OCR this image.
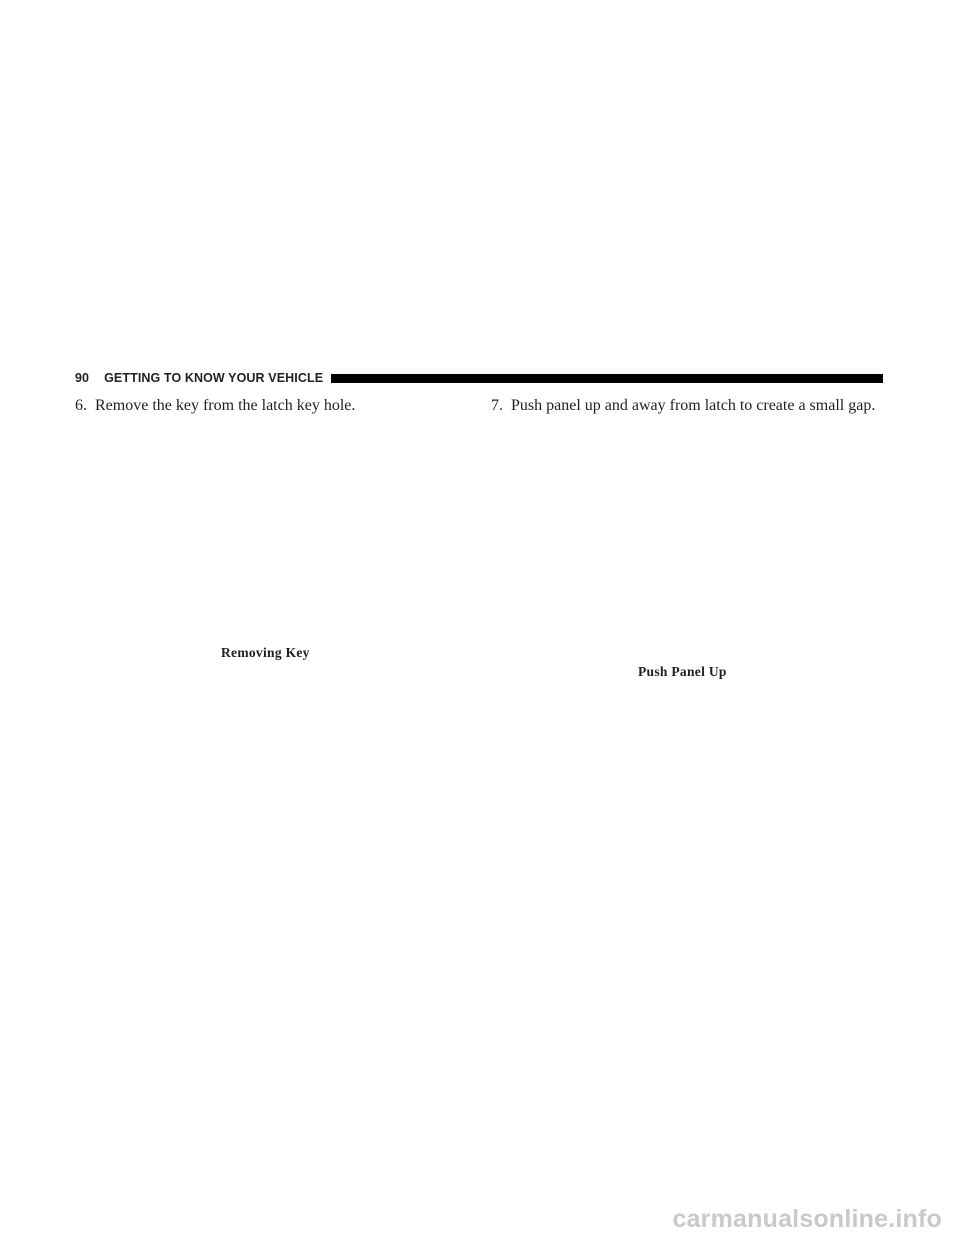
90	GETTING TO KNOW YOUR VEHICLE
6. Remove the key from the latch key hole.
Removing Key
7. Push panel up and away from latch to create a small gap.
Push Panel Up
carmanualsonline.info
